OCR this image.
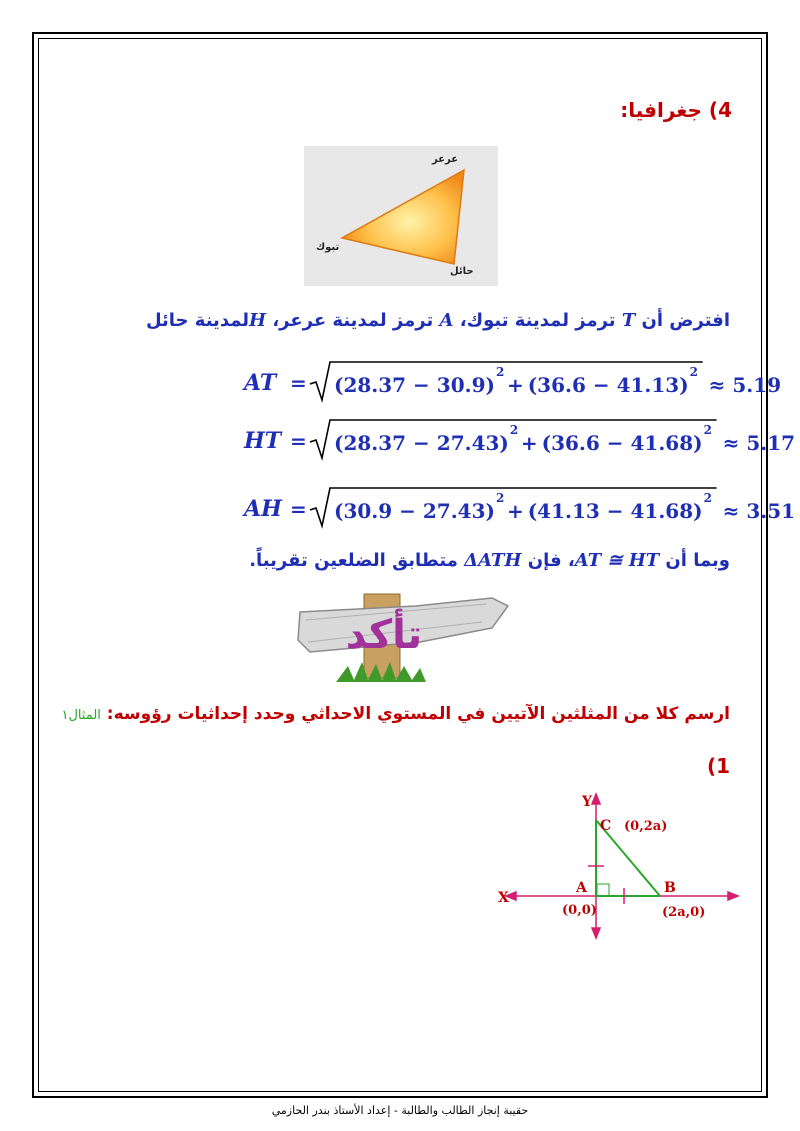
4) جغرافيا:
عرعر
تبوك
حائل
افترض أن T ترمز لمدينة تبوك، A ترمز لمدينة عرعر، Hلمدينة حائل
AT = (28.37 − 30.9)
2
+ (36.6 − 41.13)
2
≈ 5.19
HT = (28.37 − 27.43)
2
+ (36.6 − 41.68)
2
≈ 5.17
AH = (30.9 − 27.43)
2
+ (41.13 − 41.68)
2
≈ 3.51
وبما أن AT ≅ HT، فإن ΔATH متطابق الضلعين تقريباً.
تأكد
ارسم كلا من المثلثين الآتيين في المستوي الاحداثي وحدد إحداثيات رؤوسه: المثال١
(1
Y
X
C (0,2a)
A
(0,0)
B
(2a,0)
حقيبة إنجاز الطالب والطالبة - إعداد الأستاذ بندر الحازمي
